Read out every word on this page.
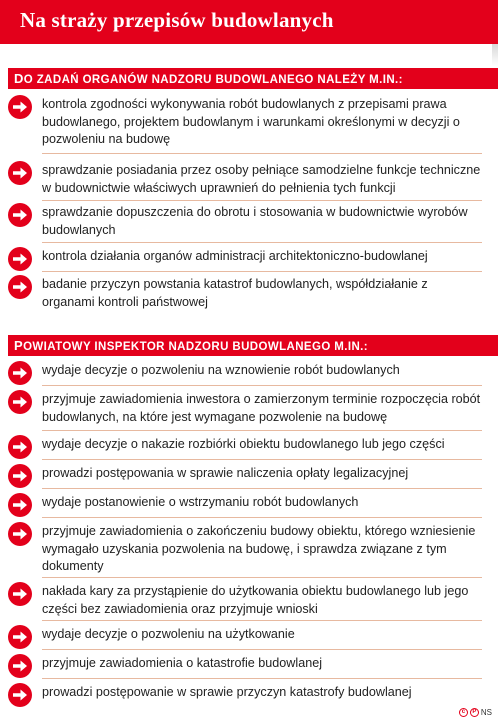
Na straży przepisów budowlanych
DO ZADAŃ ORGANÓW NADZORU BUDOWLANEGO NALEŻY M.IN.:
kontrola zgodności wykonywania robót budowlanych z przepisami prawa budowlanego, projektem budowlanym i warunkami określonymi w decyzji o pozwoleniu na budowę
sprawdzanie posiadania przez osoby pełniące samodzielne funkcje techniczne w budownictwie właściwych uprawnień do pełnienia tych funkcji
sprawdzanie dopuszczenia do obrotu i stosowania w budownictwie wyrobów budowlanych
kontrola działania organów administracji architektoniczno-budowlanej
badanie przyczyn powstania katastrof budowlanych, współdziałanie z organami kontroli państwowej
POWIATOWY INSPEKTOR NADZORU BUDOWLANEGO M.IN.:
wydaje decyzje o pozwoleniu na wznowienie robót budowlanych
przyjmuje zawiadomienia inwestora o zamierzonym terminie rozpoczęcia robót budowlanych, na które jest wymagane pozwolenie na budowę
wydaje decyzje o nakazie rozbiórki obiektu budowlanego lub jego części
prowadzi postępowania w sprawie naliczenia opłaty legalizacyjnej
wydaje postanowienie o wstrzymaniu robót budowlanych
przyjmuje zawiadomienia o zakończeniu budowy obiektu, którego wzniesienie wymagało uzyskania pozwolenia na budowę, i sprawdza związane z tym dokumenty
nakłada kary za przystąpienie do użytkowania obiektu budowlanego lub jego części bez zawiadomienia oraz przyjmuje wnioski
wydaje decyzje o pozwoleniu na użytkowanie
przyjmuje zawiadomienia o katastrofie budowlanej
prowadzi postępowanie w sprawie przyczyn katastrofy budowlanej
c	P NS
